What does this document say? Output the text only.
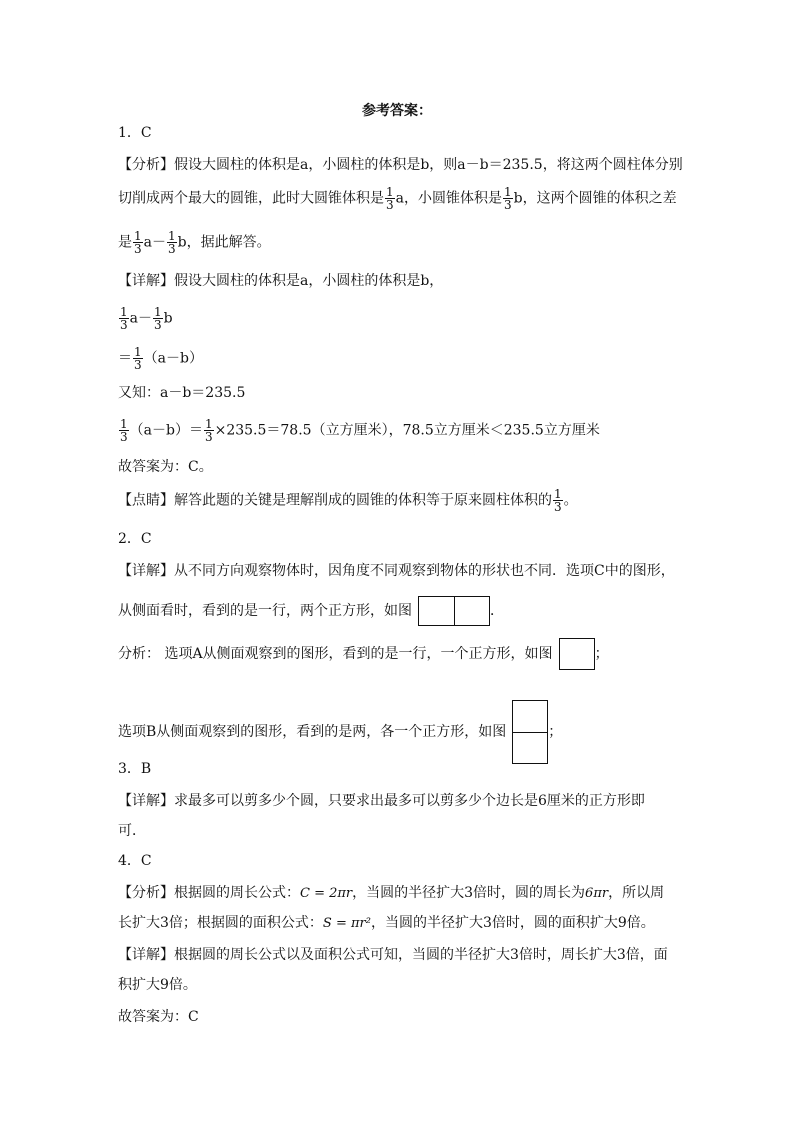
参考答案：
1．C
【分析】假设大圆柱的体积是a，小圆柱的体积是b，则a－b＝235.5，将这两个圆柱体分别
切削成两个最大的圆锥，此时大圆锥体积是 $\frac{1}{3}$ a，小圆锥体积是 $\frac{1}{3}$ b，这两个圆锥的体积之差
是 $\frac{1}{3} a- \frac{1}{3}$ b，据此解答。
【详解】假设大圆柱的体积是a，小圆柱的体积是b，
$\frac{1}{3} a- \frac{1}{3}$ b
＝ $\frac{1}{3} (a-b)$
又知：a－b＝235.5
$\frac{1}{3} (a-b)= \frac{1}{3} \times 235.5=78.5$（立方厘米），78.5立方厘米＜235.5立方厘米
故答案为：C。
【点睛】解答此题的关键是理解削成的圆锥的体积等于原来圆柱体积的 $\frac{1}{3}$ 。
2．C
【详解】从不同方向观察物体时，因角度不同观察到物体的形状也不同．选项C中的图形，
从侧面看时，看到的是一行，两个正方形，如图	．
分析： 选项A从侧面观察到的图形，看到的是一行，一个正方形，如图	；
选项B从侧面观察到的图形，看到的是两，各一个正方形，如图	；
3．B
【详解】求最多可以剪多少个圆，只要求出最多可以剪多少个边长是6厘米的正方形即
可．
4．C
【分析】根据圆的周长公式：C = 2πr，当圆的半径扩大3倍时，圆的周长为6πr，所以周
长扩大3倍；根据圆的面积公式：S = πr²，当圆的半径扩大3倍时，圆的面积扩大9倍。
【详解】根据圆的周长公式以及面积公式可知，当圆的半径扩大3倍时，周长扩大3倍，面
积扩大9倍。
故答案为：C
